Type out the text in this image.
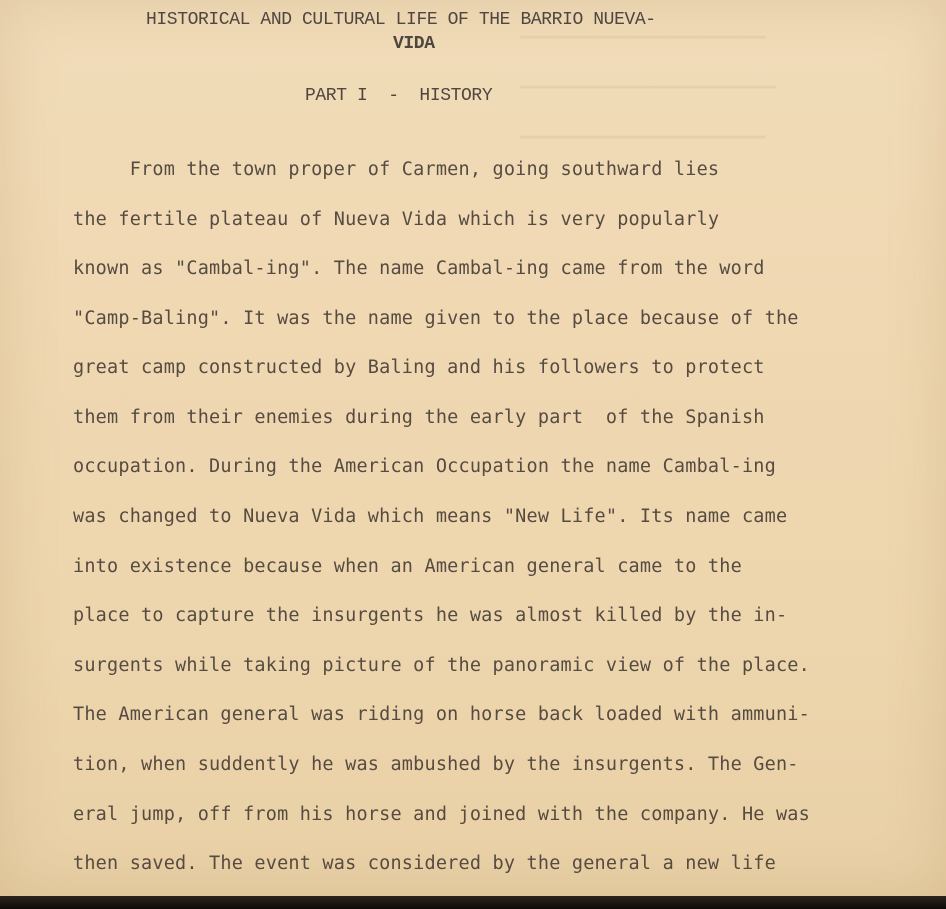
━━━━━━━━━━━━━━━━━━━━━━━━
━━━━━━━━━━━━━━━━━━━━━━━━━
━━━━━━━━━━━━━━━━━━━━━━━━
HISTORICAL AND CULTURAL LIFE OF THE BARRIO NUEVA-
VIDA
PART I  -  HISTORY
From the town proper of Carmen, going southward lies
the fertile plateau of Nueva Vida which is very popularly
known as "Cambal-ing". The name Cambal-ing came from the word
"Camp-Baling". It was the name given to the place because of the
great camp constructed by Baling and his followers to protect
them from their enemies during the early part  of the Spanish
occupation. During the American Occupation the name Cambal-ing
was changed to Nueva Vida which means "New Life". Its name came
into existence because when an American general came to the
place to capture the insurgents he was almost killed by the in-
surgents while taking picture of the panoramic view of the place.
The American general was riding on horse back loaded with ammuni-
tion, when suddently he was ambushed by the insurgents. The Gen-
eral jump, off from his horse and joined with the company. He was
then saved. The event was considered by the general a new life
